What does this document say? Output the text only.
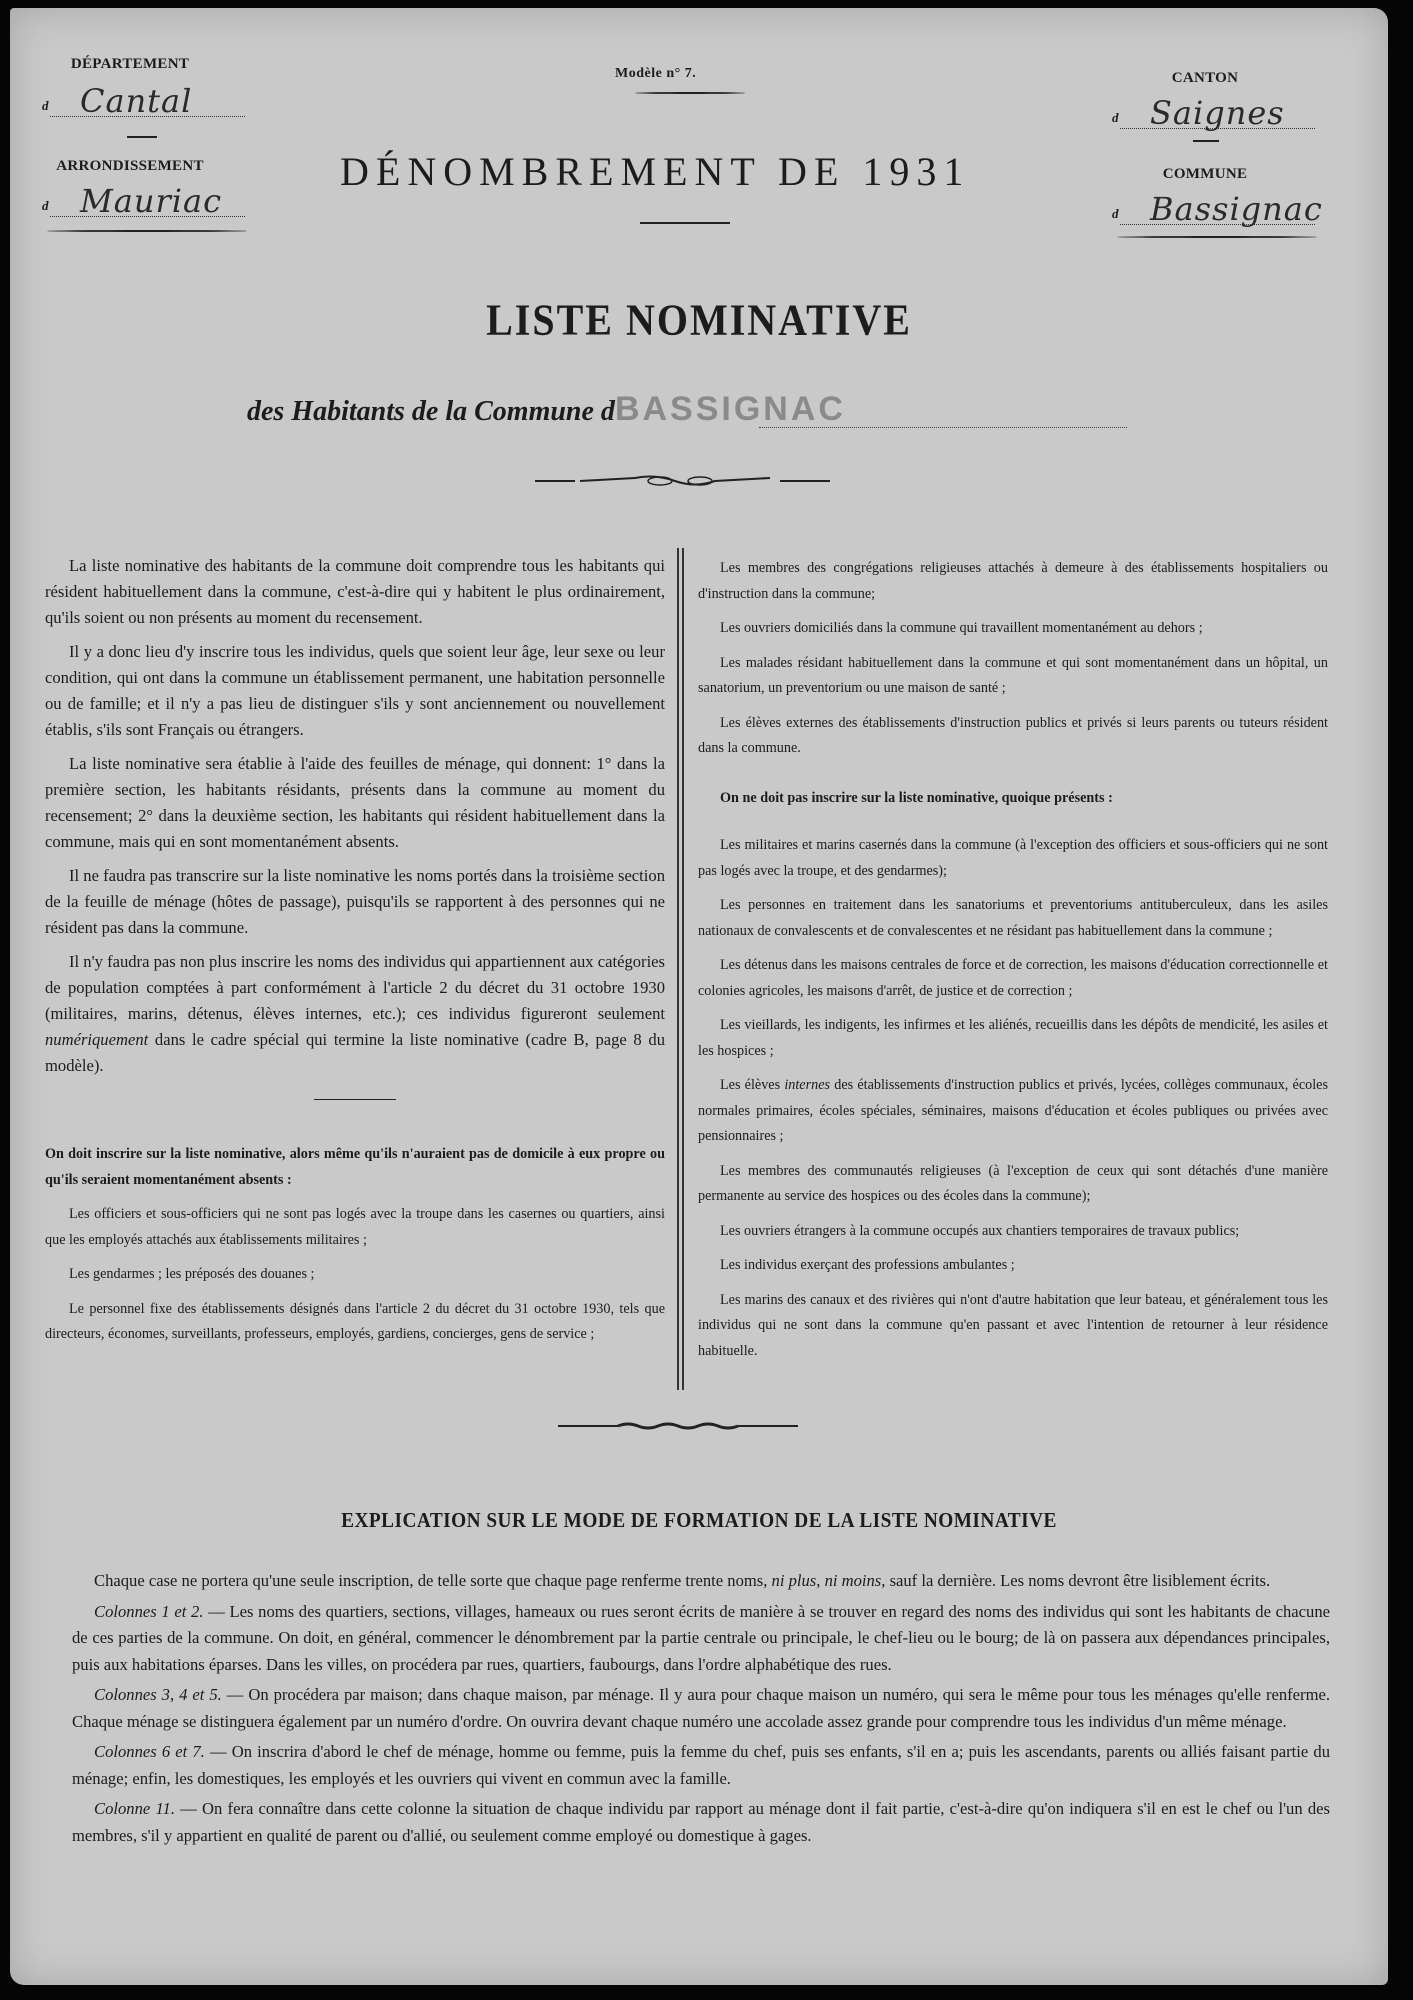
DÉPARTEMENT
d Cantal
ARRONDISSEMENT
d Mauriac
Modèle n° 7.
DÉNOMBREMENT DE 1931
CANTON
d Saignes
COMMUNE
d Bassignac
LISTE NOMINATIVE
des Habitants de la Commune dBASSIGNAC

La liste nominative des habitants de la commune doit comprendre tous les habitants qui résident habituellement dans la commune, c'est-à-dire qui y habitent le plus ordinairement, qu'ils soient ou non présents au moment du recensement.

Il y a donc lieu d'y inscrire tous les individus, quels que soient leur âge, leur sexe ou leur condition, qui ont dans la commune un établissement permanent, une habitation personnelle ou de famille; et il n'y a pas lieu de distinguer s'ils y sont anciennement ou nouvellement établis, s'ils sont Français ou étrangers.

La liste nominative sera établie à l'aide des feuilles de ménage, qui donnent: 1° dans la première section, les habitants résidants, présents dans la commune au moment du recensement; 2° dans la deuxième section, les habitants qui résident habituellement dans la commune, mais qui en sont momentanément absents.

Il ne faudra pas transcrire sur la liste nominative les noms portés dans la troisième section de la feuille de ménage (hôtes de passage), puisqu'ils se rapportent à des personnes qui ne résident pas dans la commune.

Il n'y faudra pas non plus inscrire les noms des individus qui appartiennent aux catégories de population comptées à part conformément à l'article 2 du décret du 31 octobre 1930 (militaires, marins, détenus, élèves internes, etc.); ces individus figureront seulement numériquement dans le cadre spécial qui termine la liste nominative (cadre B, page 8 du modèle).

On doit inscrire sur la liste nominative, alors même qu'ils n'auraient pas de domicile à eux propre ou qu'ils seraient momentanément absents :

Les officiers et sous-officiers qui ne sont pas logés avec la troupe dans les casernes ou quartiers, ainsi que les employés attachés aux établissements militaires ;

Les gendarmes ; les préposés des douanes ;

Le personnel fixe des établissements désignés dans l'article 2 du décret du 31 octobre 1930, tels que directeurs, économes, surveillants, professeurs, employés, gardiens, concierges, gens de service ;

Les membres des congrégations religieuses attachés à demeure à des établissements hospitaliers ou d'instruction dans la commune;

Les ouvriers domiciliés dans la commune qui travaillent momentanément au dehors ;

Les malades résidant habituellement dans la commune et qui sont momentanément dans un hôpital, un sanatorium, un preventorium ou une maison de santé ;

Les élèves externes des établissements d'instruction publics et privés si leurs parents ou tuteurs résident dans la commune.

On ne doit pas inscrire sur la liste nominative, quoique présents :

Les militaires et marins casernés dans la commune (à l'exception des officiers et sous-officiers qui ne sont pas logés avec la troupe, et des gendarmes);

Les personnes en traitement dans les sanatoriums et preventoriums antituberculeux, dans les asiles nationaux de convalescents et de convalescentes et ne résidant pas habituellement dans la commune ;

Les détenus dans les maisons centrales de force et de correction, les maisons d'éducation correctionnelle et colonies agricoles, les maisons d'arrêt, de justice et de correction ;

Les vieillards, les indigents, les infirmes et les aliénés, recueillis dans les dépôts de mendicité, les asiles et les hospices ;

Les élèves internes des établissements d'instruction publics et privés, lycées, collèges communaux, écoles normales primaires, écoles spéciales, séminaires, maisons d'éducation et écoles publiques ou privées avec pensionnaires ;

Les membres des communautés religieuses (à l'exception de ceux qui sont détachés d'une manière permanente au service des hospices ou des écoles dans la commune);

Les ouvriers étrangers à la commune occupés aux chantiers temporaires de travaux publics;

Les individus exerçant des professions ambulantes ;

Les marins des canaux et des rivières qui n'ont d'autre habitation que leur bateau, et généralement tous les individus qui ne sont dans la commune qu'en passant et avec l'intention de retourner à leur résidence habituelle.

EXPLICATION SUR LE MODE DE FORMATION DE LA LISTE NOMINATIVE

Chaque case ne portera qu'une seule inscription, de telle sorte que chaque page renferme trente noms, ni plus, ni moins, sauf la dernière. Les noms devront être lisiblement écrits.

Colonnes 1 et 2. — Les noms des quartiers, sections, villages, hameaux ou rues seront écrits de manière à se trouver en regard des noms des individus qui sont les habitants de chacune de ces parties de la commune. On doit, en général, commencer le dénombrement par la partie centrale ou principale, le chef-lieu ou le bourg; de là on passera aux dépendances principales, puis aux habitations éparses. Dans les villes, on procédera par rues, quartiers, faubourgs, dans l'ordre alphabétique des rues.

Colonnes 3, 4 et 5. — On procédera par maison; dans chaque maison, par ménage. Il y aura pour chaque maison un numéro, qui sera le même pour tous les ménages qu'elle renferme. Chaque ménage se distinguera également par un numéro d'ordre. On ouvrira devant chaque numéro une accolade assez grande pour comprendre tous les individus d'un même ménage.

Colonnes 6 et 7. — On inscrira d'abord le chef de ménage, homme ou femme, puis la femme du chef, puis ses enfants, s'il en a; puis les ascendants, parents ou alliés faisant partie du ménage; enfin, les domestiques, les employés et les ouvriers qui vivent en commun avec la famille.

Colonne 11. — On fera connaître dans cette colonne la situation de chaque individu par rapport au ménage dont il fait partie, c'est-à-dire qu'on indiquera s'il en est le chef ou l'un des membres, s'il y appartient en qualité de parent ou d'allié, ou seulement comme employé ou domestique à gages.
